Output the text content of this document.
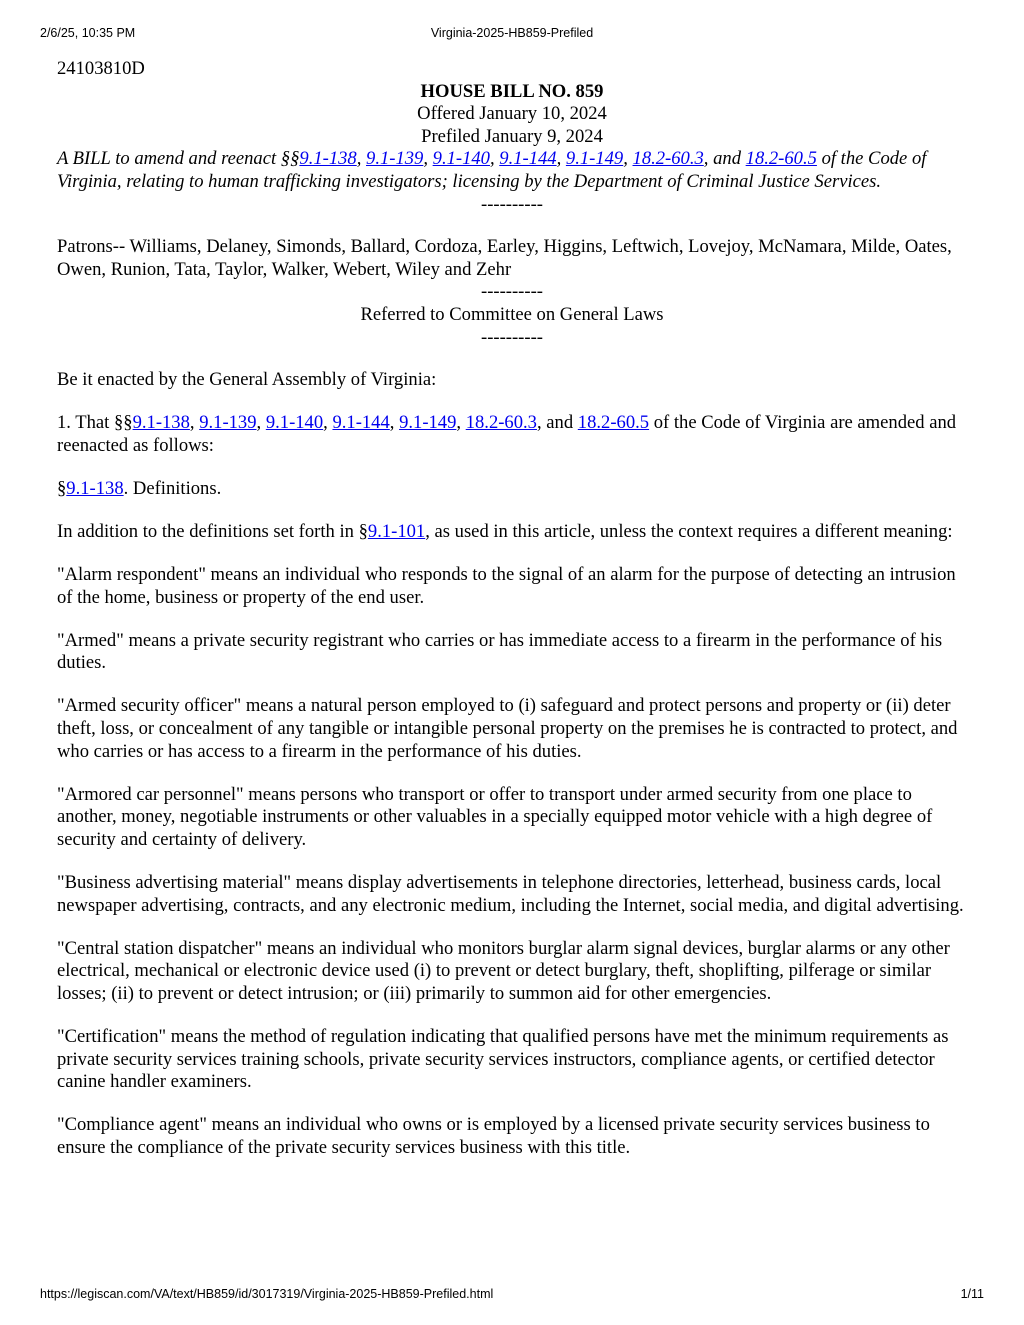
2/6/25, 10:35 PM	Virginia-2025-HB859-Prefiled

24103810D

HOUSE BILL NO. 859

Offered January 10, 2024

Prefiled January 9, 2024

A BILL to amend and reenact §§9.1-138, 9.1-139, 9.1-140, 9.1-144, 9.1-149, 18.2-60.3, and 18.2-60.5 of the Code of Virginia, relating to human trafficking investigators; licensing by the Department of Criminal Justice Services.

----------

Patrons-- Williams, Delaney, Simonds, Ballard, Cordoza, Earley, Higgins, Leftwich, Lovejoy, McNamara, Milde, Oates, Owen, Runion, Tata, Taylor, Walker, Webert, Wiley and Zehr

----------

Referred to Committee on General Laws

----------

Be it enacted by the General Assembly of Virginia:

1. That §§9.1-138, 9.1-139, 9.1-140, 9.1-144, 9.1-149, 18.2-60.3, and 18.2-60.5 of the Code of Virginia are amended and reenacted as follows:

§9.1-138. Definitions.

In addition to the definitions set forth in §9.1-101, as used in this article, unless the context requires a different meaning:

"Alarm respondent" means an individual who responds to the signal of an alarm for the purpose of detecting an intrusion of the home, business or property of the end user.

"Armed" means a private security registrant who carries or has immediate access to a firearm in the performance of his duties.

"Armed security officer" means a natural person employed to (i) safeguard and protect persons and property or (ii) deter theft, loss, or concealment of any tangible or intangible personal property on the premises he is contracted to protect, and who carries or has access to a firearm in the performance of his duties.

"Armored car personnel" means persons who transport or offer to transport under armed security from one place to another, money, negotiable instruments or other valuables in a specially equipped motor vehicle with a high degree of security and certainty of delivery.

"Business advertising material" means display advertisements in telephone directories, letterhead, business cards, local newspaper advertising, contracts, and any electronic medium, including the Internet, social media, and digital advertising.

"Central station dispatcher" means an individual who monitors burglar alarm signal devices, burglar alarms or any other electrical, mechanical or electronic device used (i) to prevent or detect burglary, theft, shoplifting, pilferage or similar losses; (ii) to prevent or detect intrusion; or (iii) primarily to summon aid for other emergencies.

"Certification" means the method of regulation indicating that qualified persons have met the minimum requirements as private security services training schools, private security services instructors, compliance agents, or certified detector canine handler examiners.

"Compliance agent" means an individual who owns or is employed by a licensed private security services business to ensure the compliance of the private security services business with this title.

https://legiscan.com/VA/text/HB859/id/3017319/Virginia-2025-HB859-Prefiled.html	1/11
